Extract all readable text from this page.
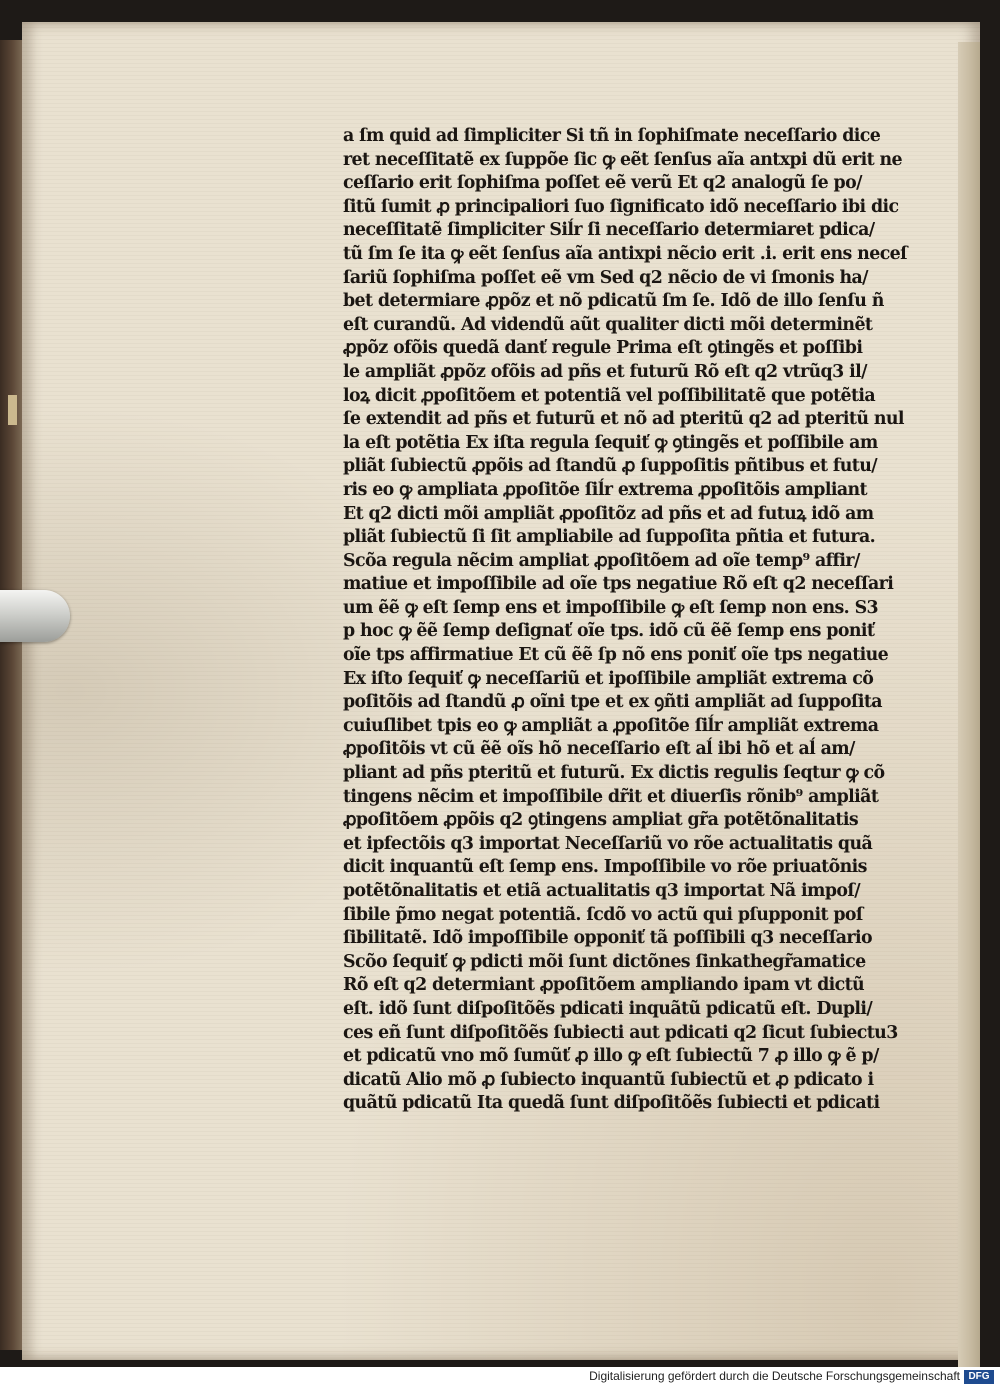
a ſm quid ad ſimpliciter Si tñ in ſophiſmate neceſſario dice
ret neceſſitatẽ ex ſuppõe ſic ꝙ eẽt ſenſus aĩa antxpi dũ erit ne
ceſſario erit ſophiſma poſſet eẽ verũ Et q2 analogũ ſe po/
ſitũ ſumit ꝓ principaliori ſuo ſignificato idõ neceſſario ibi dic
neceſſitatẽ ſimpliciter Siĺr ſi neceſſario determiaret pdica/
tũ ſm ſe ita ꝙ eẽt ſenſus aĩa antixpi nẽcio erit .i. erit ens neceſ
ſariũ ſophiſma poſſet eẽ vm Sed q2 nẽcio de vi ſmonis ha/
bet determiare ꝓpõz et nõ pdicatũ ſm ſe. Idõ de illo ſenſu ñ
eſt curandũ. Ad videndũ aũt qualiter dicti mõi determinẽt
ꝓpõz ofõis quedã danť regule Prima eſt ꝯtingẽs et poſſibi
le ampliãt ꝓpõz ofõis ad pñs et futurũ Rõ eſt q2 vtrũq3 il/
loꝝ dicit ꝓpoſitõem et potentiã vel poſſibilitatẽ que potẽtia
ſe extendit ad pñs et futurũ et nõ ad pteritũ q2 ad pteritũ nul
la eſt potẽtia Ex iſta regula ſequiť ꝙ ꝯtingẽs et poſſibile am
pliãt ſubiectũ ꝓpõis ad ſtandũ ꝓ ſuppoſitis pñtibus et futu/
ris eo ꝙ ampliata ꝓpoſitõe ſiĺr extrema ꝓpoſitõis ampliant
Et q2 dicti mõi ampliãt ꝓpoſitõz ad pñs et ad futuꝝ idõ am
pliãt ſubiectũ ſi ſit ampliabile ad ſuppoſita pñtia et futura.
Scõa regula nẽcim ampliat ꝓpoſitõem ad oĩe temp⁹ affir/
matiue et impoſſibile ad oĩe tps negatiue Rõ eſt q2 neceſſari
um ẽẽ ꝙ eſt ſemp ens et impoſſibile ꝙ eſt ſemp non ens. S3
p hoc ꝙ ẽẽ ſemp deſignať oĩe tps. idõ cũ ẽẽ ſemp ens poniť
oĩe tps affirmatiue Et cũ ẽẽ ſp nõ ens poniť oĩe tps negatiue
Ex iſto ſequiť ꝙ neceſſariũ et ipoſſibile ampliãt extrema cõ
poſitõis ad ſtandũ ꝓ oĩni tpe et ex ꝯñti ampliãt ad ſuppoſita
cuiuſlibet tpis eo ꝙ ampliãt a ꝓpoſitõe ſiĺr ampliãt extrema
ꝓpoſitõis vt cũ ẽẽ oĩs hõ neceſſario eſt aĺ ibi hõ et aĺ am/
pliant ad pñs pteritũ et futurũ. Ex dictis regulis ſeqtur ꝙ cõ
tingens nẽcim et impoſſibile dr̃it et diuerſis rõnib⁹ ampliãt
ꝓpoſitõem ꝓpõis q2 ꝯtingens ampliat gr̃a potẽtõnalitatis
et ipfectõis q3 importat Neceſſariũ vo rõe actualitatis quã
dicit inquantũ eſt ſemp ens. Impoſſibile vo rõe priuatõnis
potẽtõnalitatis et etiã actualitatis q3 importat Nã impoſ/
ſibile p̃mo negat potentiã. ſcdõ vo actũ qui pſupponit poſ
ſibilitatẽ. Idõ impoſſibile opponiť tã poſſibili q3 neceſſario
Scõo ſequiť ꝙ pdicti mõi ſunt dictõnes ſinkathegr̃amatice
Rõ eſt q2 determiant ꝓpoſitõem ampliando ipam vt dictũ
eſt. idõ ſunt diſpoſitõẽs pdicati inquãtũ pdicatũ eſt. Dupli/
ces eñ ſunt diſpoſitõẽs ſubiecti aut pdicati q2 ſicut ſubiectu3
et pdicatũ vno mõ ſumũť ꝓ illo ꝙ eſt ſubiectũ 7 ꝓ illo ꝙ ẽ p/
dicatũ Alio mõ ꝓ ſubiecto inquantũ ſubiectũ et ꝓ pdicato i
quãtũ pdicatũ Ita quedã ſunt diſpoſitõẽs ſubiecti et pdicati
Digitalisierung gefördert durch die Deutsche Forschungsgemeinschaft DFG
